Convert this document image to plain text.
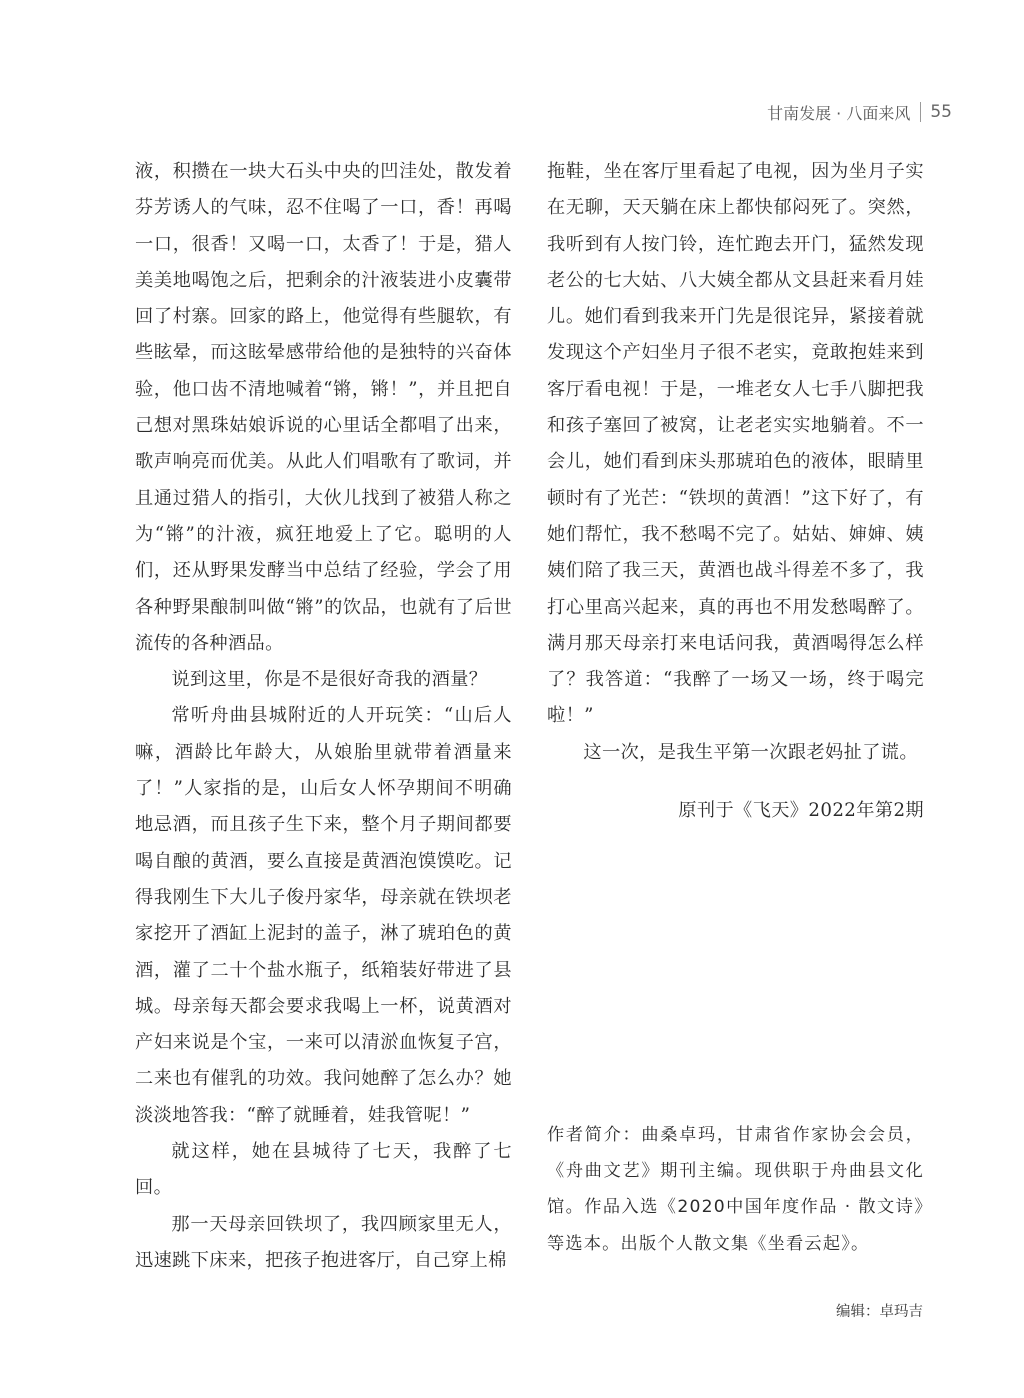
甘南发展 · 八面来风 55

液，积攒在一块大石头中央的凹洼处，散发着芬芳诱人的气味，忍不住喝了一口，香！再喝一口，很香！又喝一口，太香了！于是，猎人美美地喝饱之后，把剩余的汁液装进小皮囊带回了村寨。回家的路上，他觉得有些腿软，有些眩晕，而这眩晕感带给他的是独特的兴奋体验，他口齿不清地喊着“锵，锵！”，并且把自己想对黑珠姑娘诉说的心里话全都唱了出来，歌声响亮而优美。从此人们唱歌有了歌词，并且通过猎人的指引，大伙儿找到了被猎人称之为“锵”的汁液，疯狂地爱上了它。聪明的人们，还从野果发酵当中总结了经验，学会了用各种野果酿制叫做“锵”的饮品，也就有了后世流传的各种酒品。

说到这里，你是不是很好奇我的酒量？

常听舟曲县城附近的人开玩笑：“山后人嘛，酒龄比年龄大，从娘胎里就带着酒量来了！”人家指的是，山后女人怀孕期间不明确地忌酒，而且孩子生下来，整个月子期间都要喝自酿的黄酒，要么直接是黄酒泡馍馍吃。记得我刚生下大儿子俊丹家华，母亲就在铁坝老家挖开了酒缸上泥封的盖子，淋了琥珀色的黄酒，灌了二十个盐水瓶子，纸箱装好带进了县城。母亲每天都会要求我喝上一杯，说黄酒对产妇来说是个宝，一来可以清淤血恢复子宫，二来也有催乳的功效。我问她醉了怎么办？她淡淡地答我：“醉了就睡着，娃我管呢！”

就这样，她在县城待了七天，我醉了七回。

那一天母亲回铁坝了，我四顾家里无人，迅速跳下床来，把孩子抱进客厅，自己穿上棉

拖鞋，坐在客厅里看起了电视，因为坐月子实在无聊，天天躺在床上都快郁闷死了。突然，我听到有人按门铃，连忙跑去开门，猛然发现老公的七大姑、八大姨全都从文县赶来看月娃儿。她们看到我来开门先是很诧异，紧接着就发现这个产妇坐月子很不老实，竟敢抱娃来到客厅看电视！于是，一堆老女人七手八脚把我和孩子塞回了被窝，让老老实实地躺着。不一会儿，她们看到床头那琥珀色的液体，眼睛里顿时有了光芒：“铁坝的黄酒！”这下好了，有她们帮忙，我不愁喝不完了。姑姑、婶婶、姨姨们陪了我三天，黄酒也战斗得差不多了，我打心里高兴起来，真的再也不用发愁喝醉了。满月那天母亲打来电话问我，黄酒喝得怎么样了？我答道：“我醉了一场又一场，终于喝完啦！”

这一次，是我生平第一次跟老妈扯了谎。

原刊于《飞天》2022年第2期

作者简介：曲桑卓玛，甘肃省作家协会会员，《舟曲文艺》期刊主编。现供职于舟曲县文化馆。作品入选《2020中国年度作品 · 散文诗》等选本。出版个人散文集《坐看云起》。

编辑：卓玛吉
